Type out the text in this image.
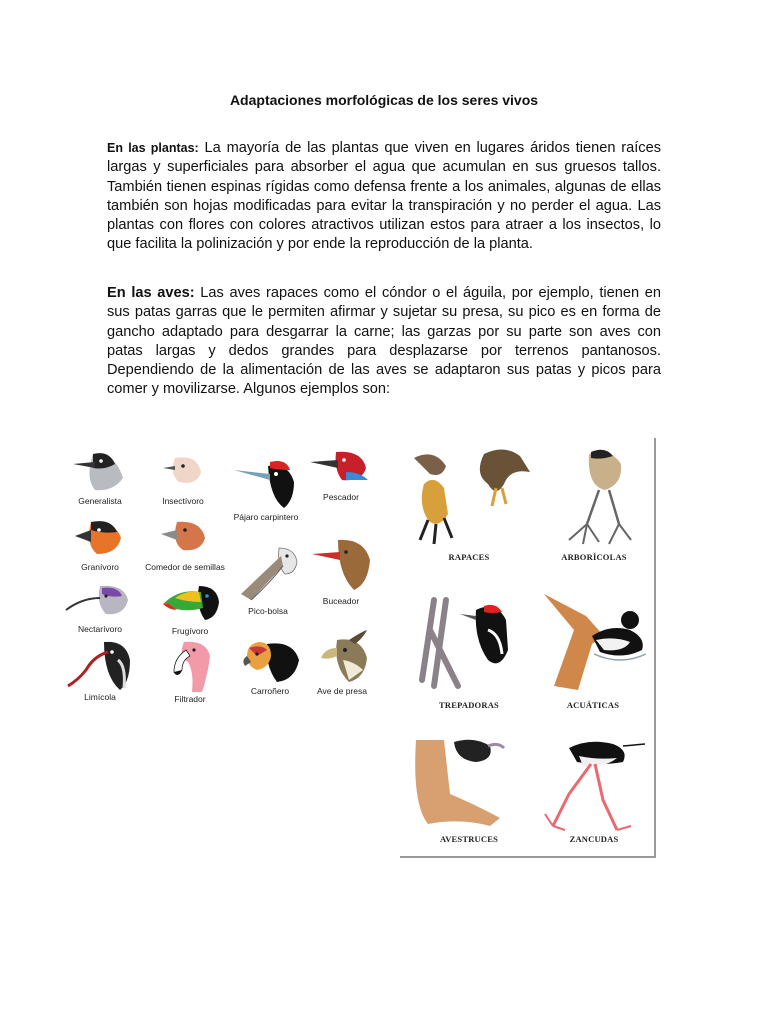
Adaptaciones morfológicas de los seres vivos

En las plantas: La mayoría de las plantas que viven en lugares áridos tienen raíces largas y superficiales para absorber el agua que acumulan en sus gruesos tallos. También tienen espinas rígidas como defensa frente a los animales, algunas de ellas también son hojas modificadas para evitar la transpiración y no perder el agua. Las plantas con flores con colores atractivos utilizan estos para atraer a los insectos, lo que facilita la polinización y por ende la reproducción de la planta.

En las aves: Las aves rapaces como el cóndor o el águila, por ejemplo, tienen en sus patas garras que le permiten afirmar y sujetar su presa, su pico es en forma de gancho adaptado para desgarrar la carne; las garzas por su parte son aves con patas largas y dedos grandes para desplazarse por terrenos pantanosos. Dependiendo de la alimentación de las aves se adaptaron sus patas y picos para comer y movilizarse. Algunos ejemplos son:

Generalista	Insectívoro
Pájaro carpintero
Pescador
Granívoro	Comedor de semillas
Pico-bolsa
Buceador
Nectarívoro	Frugívoro
Limícola	Filtrador
Carroñero	Ave de presa
RAPACES	ARBORÍCOLAS
TREPADORAS	ACUÁTICAS
AVESTRUCES	ZANCUDAS
